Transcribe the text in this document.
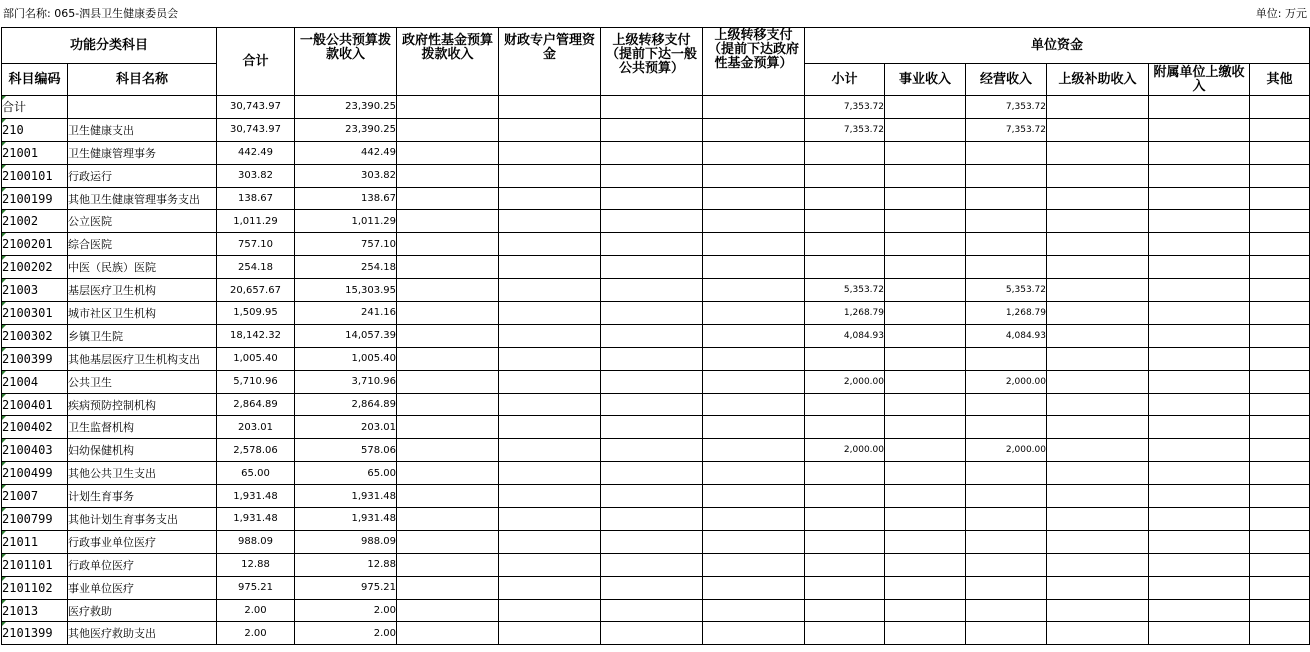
部门名称: 065-泗县卫生健康委员会	单位: 万元
功能分类科目		合计	一般公共预算拨款收入	政府性基金预算拨款收入	财政专户管理资金	上级转移支付（提前下达一般公共预算）	上级转移支付（提前下达政府性基金预算）	单位资金					
科目编码	科目名称							小计	事业收入	经营收入	上级补助收入	附属单位上缴收入	其他
合计		30,743.97	23,390.25					7,353.72		7,353.72			
210	卫生健康支出	30,743.97	23,390.25					7,353.72		7,353.72			
21001	卫生健康管理事务	442.49	442.49										
2100101	行政运行	303.82	303.82										
2100199	其他卫生健康管理事务支出	138.67	138.67										
21002	公立医院	1,011.29	1,011.29										
2100201	综合医院	757.10	757.10										
2100202	中医（民族）医院	254.18	254.18										
21003	基层医疗卫生机构	20,657.67	15,303.95					5,353.72		5,353.72			
2100301	城市社区卫生机构	1,509.95	241.16					1,268.79		1,268.79			
2100302	乡镇卫生院	18,142.32	14,057.39					4,084.93		4,084.93			
2100399	其他基层医疗卫生机构支出	1,005.40	1,005.40										
21004	公共卫生	5,710.96	3,710.96					2,000.00		2,000.00			
2100401	疾病预防控制机构	2,864.89	2,864.89										
2100402	卫生监督机构	203.01	203.01										
2100403	妇幼保健机构	2,578.06	578.06					2,000.00		2,000.00			
2100499	其他公共卫生支出	65.00	65.00										
21007	计划生育事务	1,931.48	1,931.48										
2100799	其他计划生育事务支出	1,931.48	1,931.48										
21011	行政事业单位医疗	988.09	988.09										
2101101	行政单位医疗	12.88	12.88										
2101102	事业单位医疗	975.21	975.21										
21013	医疗救助	2.00	2.00										
2101399	其他医疗救助支出	2.00	2.00										
